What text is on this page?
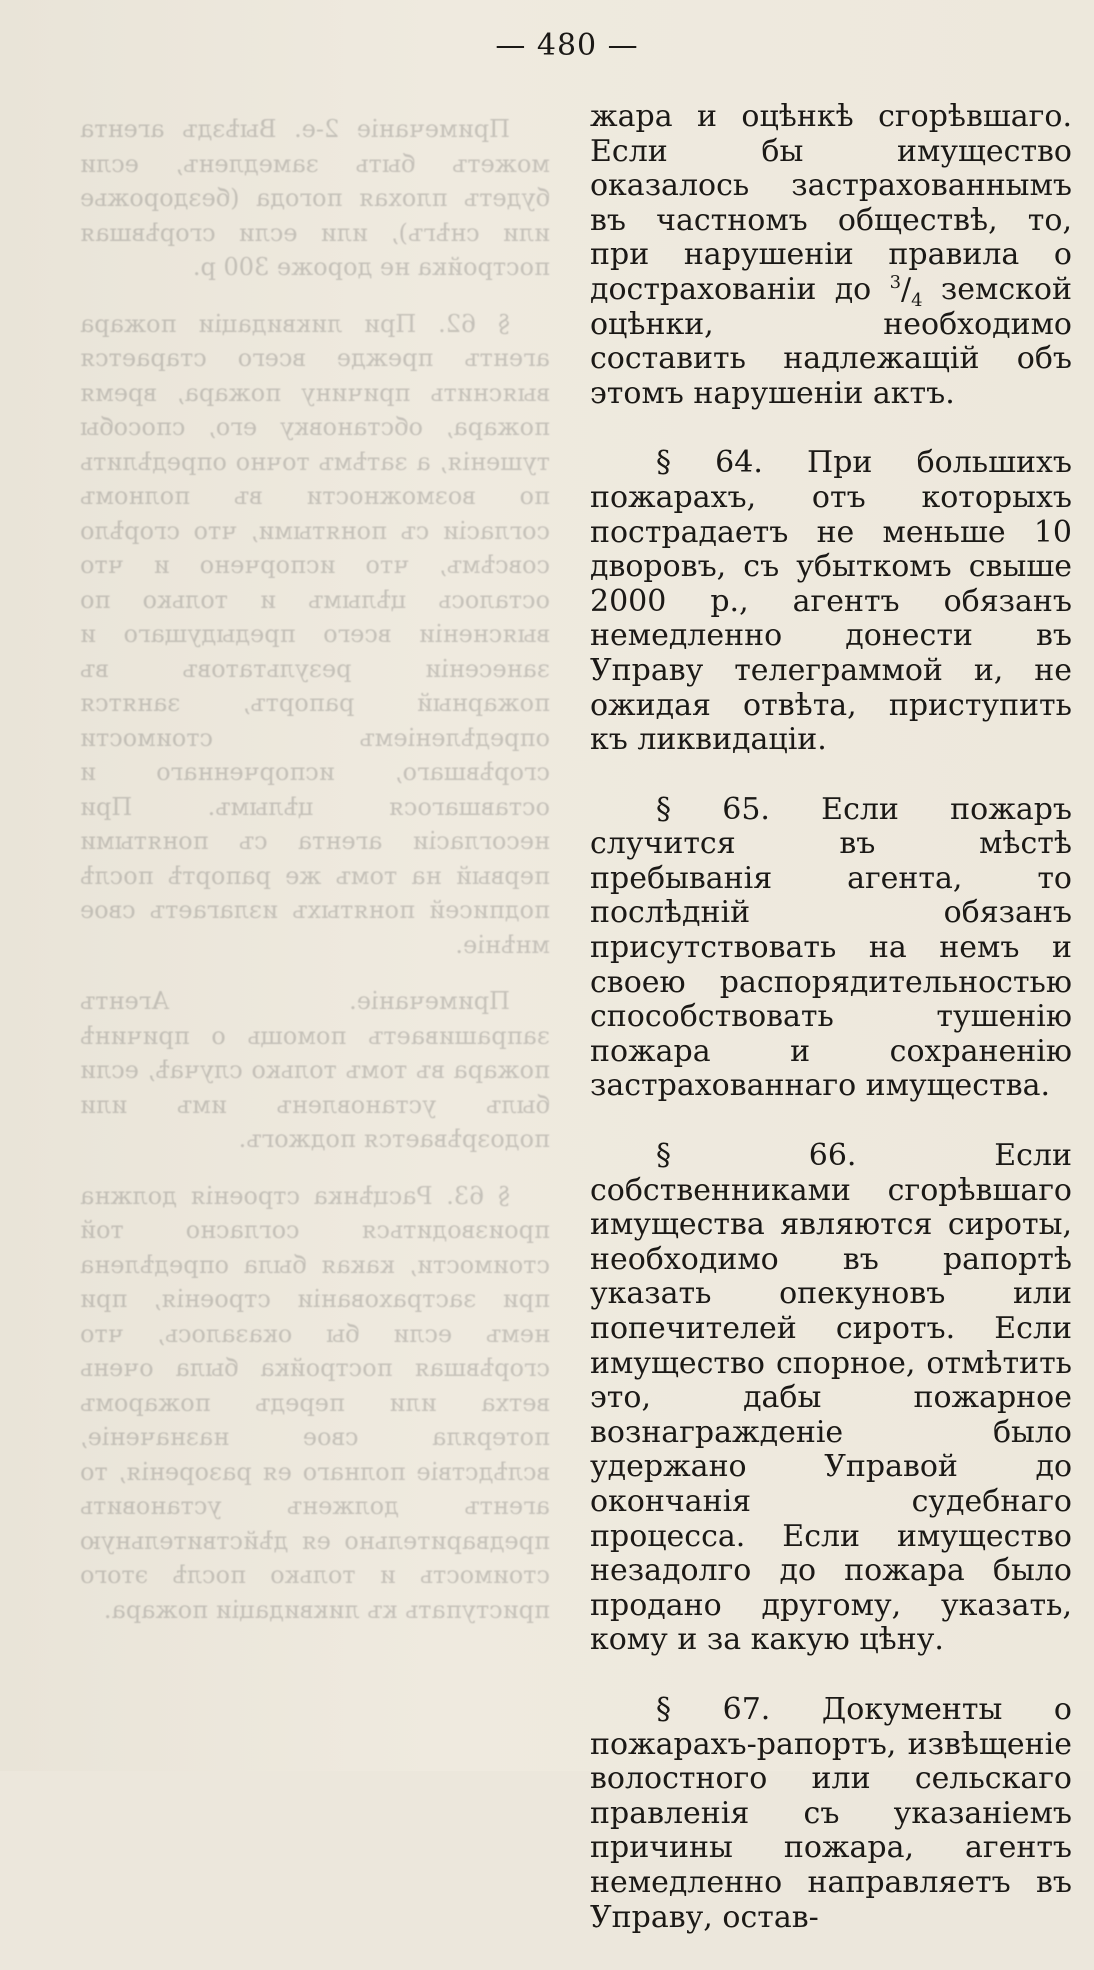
— 480 —

Примечаніе 2-е. Выѣздъ агента можетъ быть замедленъ, если будетъ плохая погода (бездорожье или снѣгъ), или если сгорѣвшая постройка не дороже 300 р.

§ 62. При ликвидаціи пожара агентъ прежде всего старается выяснить причину пожара, время пожара, обстановку его, способы тушенія, а затѣмъ точно опредѣлить по возможности въ полномъ согласіи съ понятыми, что сгорѣло совсѣмъ, что испорчено и что осталось цѣлымъ и только по выясненіи всего предыдущаго и занесеніи результатовъ въ пожарный рапортъ, занятся опредѣленіемъ стоимости сгорѣвшаго, испорченнаго и оставшагося цѣлымъ. При несогласіи агента съ понятыми первый на томъ же рапортѣ послѣ подписей понятыхъ излагаетъ свое мнѣніе.

Примечаніе. Агентъ запрашиваетъ помощь о причинѣ пожара въ томъ только случаѣ, если былъ установленъ имъ или подозрѣвается поджогъ.

§ 63. Расцѣнка строенія должна производиться согласно той стоимости, какая была опредѣлена при застрахованіи строенія, при немъ если бы оказалось, что сгорѣвшая постройка была очень ветха или передъ пожаромъ потеряла свое назначеніе, вслѣдствіе полнаго ея разоренія, то агентъ долженъ установить предварительно ея дѣйствительную стоимость и только послѣ этого приступать къ ликвидаціи пожара.

жара и оцѣнкѣ сгорѣвшаго. Если бы имущество оказалось застрахованнымъ въ частномъ обществѣ, то, при нарушеніи правила о дострахованіи до $^3/_4$ земской оцѣнки, необходимо составить надлежащій объ этомъ нарушеніи актъ.

§ 64. При большихъ пожарахъ, отъ которыхъ пострадаетъ не меньше 10 дворовъ, съ убыткомъ свыше 2000 р., агентъ обязанъ немедленно донести въ Управу телеграммой и, не ожидая отвѣта, приступить къ ликвидаціи.

§ 65. Если пожаръ случится въ мѣстѣ пребыванія агента, то послѣдній обязанъ присутствовать на немъ и своею распорядительностью способствовать тушенію пожара и сохраненію застрахованнаго имущества.

§ 66. Если собственниками сгорѣвшаго имущества являются сироты, необходимо въ рапортѣ указать опекуновъ или попечителей сиротъ. Если имущество спорное, отмѣтить это, дабы пожарное вознагражденіе было удержано Управой до окончанія судебнаго процесса. Если имущество незадолго до пожара было продано другому, указать, кому и за какую цѣну.

§ 67. Документы о пожарахъ-рапортъ, извѣщеніе волостного или сельскаго правленія съ указаніемъ причины пожара, агентъ немедленно направляетъ въ Управу, остав-
